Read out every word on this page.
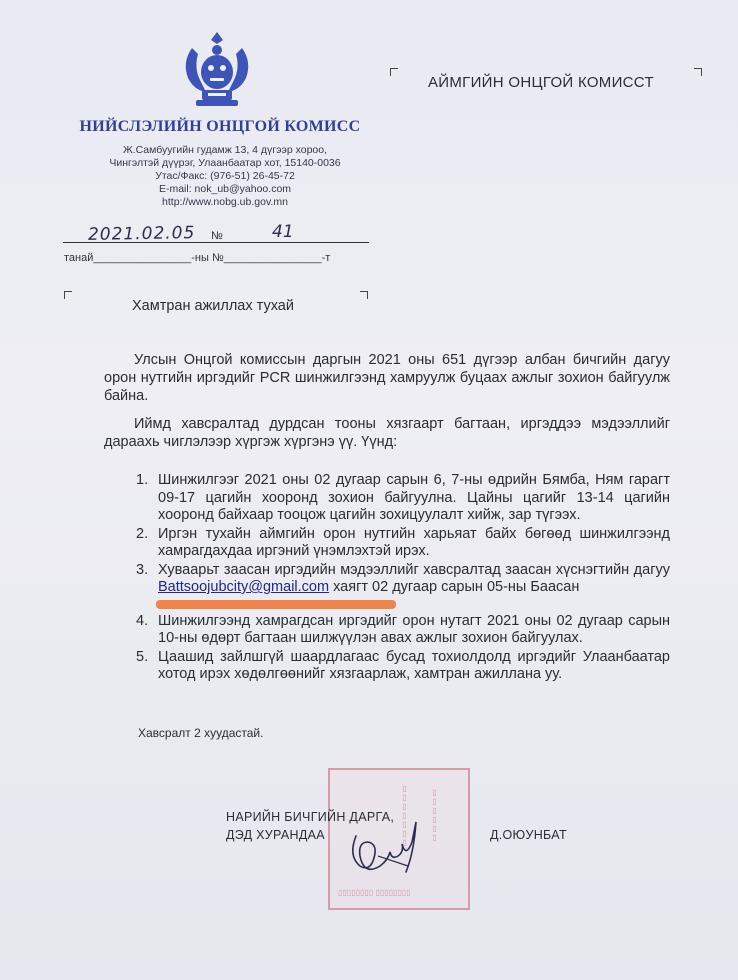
НИЙСЛЭЛИЙН ОНЦГОЙ КОМИСС
Ж.Самбуугийн гудамж 13, 4 дүгээр хороо,
Чингэлтэй дүүрэг, Улаанбаатар хот, 15140-0036
Утас/Факс: (976-51) 26-45-72
E-mail: nok_ub@yahoo.com
http://www.nobg.ub.gov.mn
АЙМГИЙН ОНЦГОЙ КОМИССТ
2021.02.05 №	41
танай________________-ны №________________-т
Хамтран ажиллах тухай
Улсын Онцгой комиссын даргын 2021 оны 651 дүгээр албан бичгийн дагуу орон нутгийн иргэдийг PCR шинжилгээнд хамруулж буцаах ажлыг зохион байгуулж байна.
Иймд хавсралтад дурдсан тооны хязгаарт багтаан, иргэддээ мэдээллийг дараахь чиглэлээр хүргэж хүргэнэ үү. Үүнд:
1. Шинжилгээг 2021 оны 02 дугаар сарын 6, 7-ны өдрийн Бямба, Ням гарагт 09-17 цагийн хооронд зохион байгуулна. Цайны цагийг 13-14 цагийн хооронд байхаар тооцож цагийн зохицуулалт хийж, зар түгээх.
2. Иргэн тухайн аймгийн орон нутгийн харьяат байх бөгөөд шинжилгээнд хамрагдахдаа иргэний үнэмлэхтэй ирэх.
3. Хуваарьт заасан иргэдийн мэдээллийг хавсралтад заасан хүснэгтийн дагуу Battsoojubcity@gmail.com хаягт 02 дугаар сарын 05-ны Баасан
4. Шинжилгээнд хамрагдсан иргэдийг орон нутагт 2021 оны 02 дугаар сарын 10-ны өдөрт багтаан шилжүүлэн авах ажлыг зохион байгуулах.
5. Цаашид зайлшгүй шаардлагаас бусад тохиолдолд иргэдийг Улаанбаатар хотод ирэх хөдөлгөөнийг хязгаарлаж, хамтран ажиллана уу.
Хавсралт 2 хуудастай.
▯▯▯▯▯▯▯	▯▯▯▯▯▯
▯▯▯▯▯▯▯▯ ▯▯▯▯▯▯▯▯
НАРИЙН БИЧГИЙН ДАРГА,
ДЭД ХУРАНДАА	Д.ОЮУНБАТ
